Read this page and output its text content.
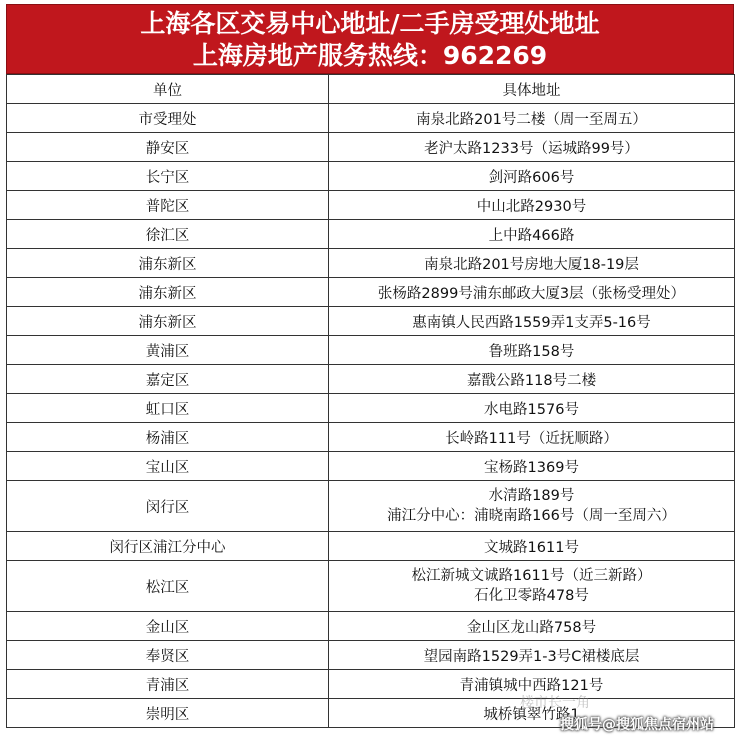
上海各区交易中心地址/二手房受理处地址
上海房地产服务热线：962269
单位	具体地址
市受理处	南泉北路201号二楼（周一至周五）
静安区	老沪太路1233号（运城路99号）
长宁区	剑河路606号
普陀区	中山北路2930号
徐汇区	上中路466路
浦东新区	南泉北路201号房地大厦18-19层
浦东新区	张杨路2899号浦东邮政大厦3层（张杨受理处）
浦东新区	惠南镇人民西路1559弄1支弄5-16号
黄浦区	鲁班路158号
嘉定区	嘉戬公路118号二楼
虹口区	水电路1576号
杨浦区	长岭路111号（近抚顺路）
宝山区	宝杨路1369号
闵行区	水清路189号
浦江分中心：浦晓南路166号（周一至周六）

闵行区浦江分中心	文城路1611号
松江区	松江新城文诚路1611号（近三新路）
石化卫零路478号

金山区	金山区龙山路758号
奉贤区	望园南路1529弄1-3号C裙楼底层
青浦区	青浦镇城中西路121号
崇明区	城桥镇翠竹路1
楼市长一角
搜狐号@搜狐焦点宿州站
